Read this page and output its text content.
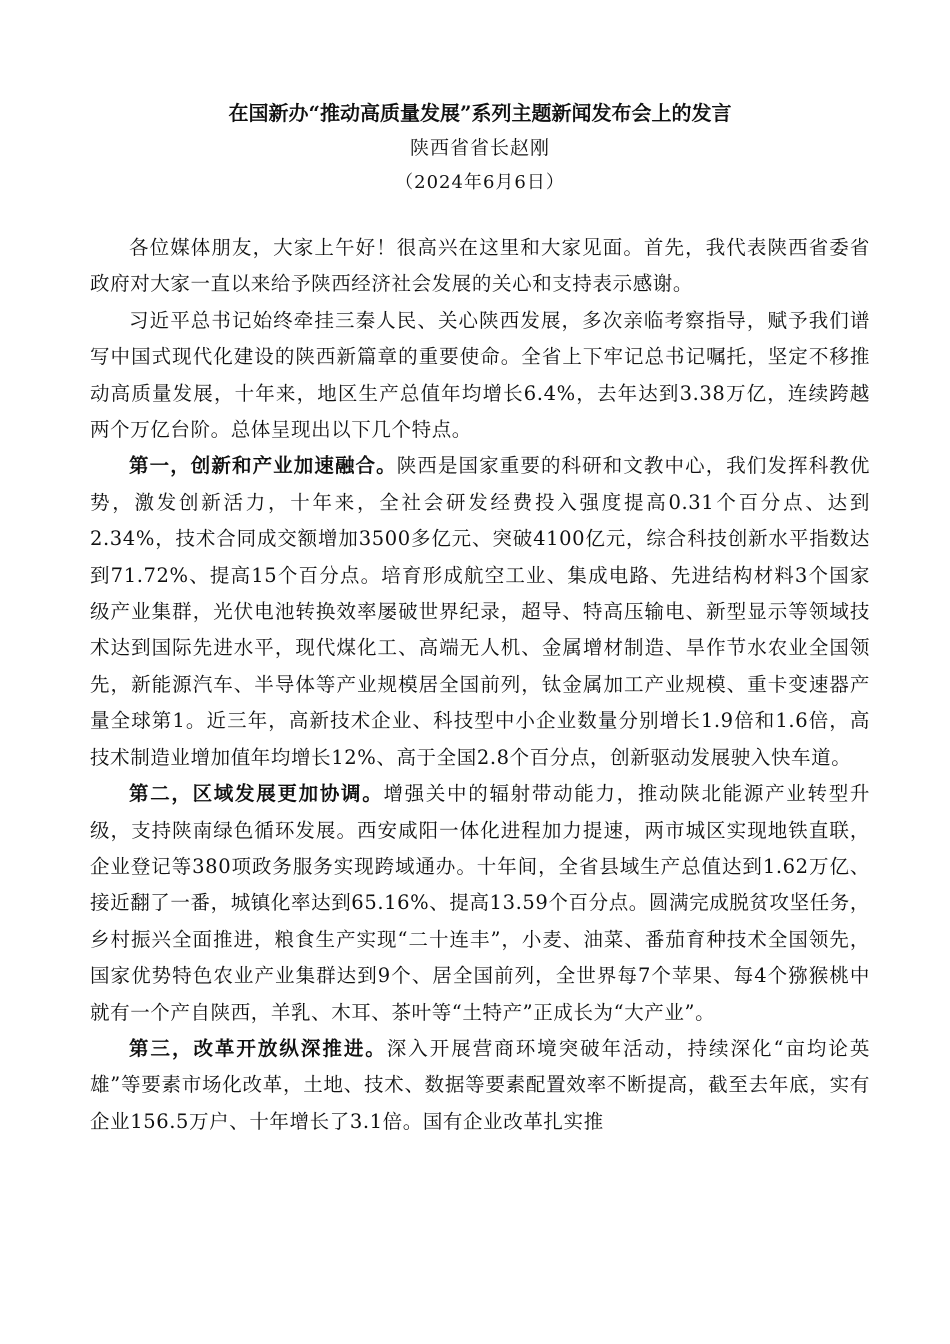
在国新办“推动高质量发展”系列主题新闻发布会上的发言

陕西省省长赵刚

（2024年6月6日）

各位媒体朋友，大家上午好！很高兴在这里和大家见面。首先，我代表陕西省委省政府对大家一直以来给予陕西经济社会发展的关心和支持表示感谢。

习近平总书记始终牵挂三秦人民、关心陕西发展，多次亲临考察指导，赋予我们谱写中国式现代化建设的陕西新篇章的重要使命。全省上下牢记总书记嘱托，坚定不移推动高质量发展，十年来，地区生产总值年均增长6.4%，去年达到3.38万亿，连续跨越两个万亿台阶。总体呈现出以下几个特点。

第一，创新和产业加速融合。陕西是国家重要的科研和文教中心，我们发挥科教优势，激发创新活力，十年来，全社会研发经费投入强度提高0.31个百分点、达到2.34%，技术合同成交额增加3500多亿元、突破4100亿元，综合科技创新水平指数达到71.72%、提高15个百分点。培育形成航空工业、集成电路、先进结构材料3个国家级产业集群，光伏电池转换效率屡破世界纪录，超导、特高压输电、新型显示等领域技术达到国际先进水平，现代煤化工、高端无人机、金属增材制造、旱作节水农业全国领先，新能源汽车、半导体等产业规模居全国前列，钛金属加工产业规模、重卡变速器产量全球第1。近三年，高新技术企业、科技型中小企业数量分别增长1.9倍和1.6倍，高技术制造业增加值年均增长12%、高于全国2.8个百分点，创新驱动发展驶入快车道。

第二，区域发展更加协调。增强关中的辐射带动能力，推动陕北能源产业转型升级，支持陕南绿色循环发展。西安咸阳一体化进程加力提速，两市城区实现地铁直联，企业登记等380项政务服务实现跨域通办。十年间，全省县域生产总值达到1.62万亿、接近翻了一番，城镇化率达到65.16%、提高13.59个百分点。圆满完成脱贫攻坚任务，乡村振兴全面推进，粮食生产实现“二十连丰”，小麦、油菜、番茄育种技术全国领先，国家优势特色农业产业集群达到9个、居全国前列，全世界每7个苹果、每4个猕猴桃中就有一个产自陕西，羊乳、木耳、茶叶等“土特产”正成长为“大产业”。

第三，改革开放纵深推进。深入开展营商环境突破年活动，持续深化“亩均论英雄”等要素市场化改革，土地、技术、数据等要素配置效率不断提高，截至去年底，实有企业156.5万户、十年增长了3.1倍。国有企业改革扎实推
